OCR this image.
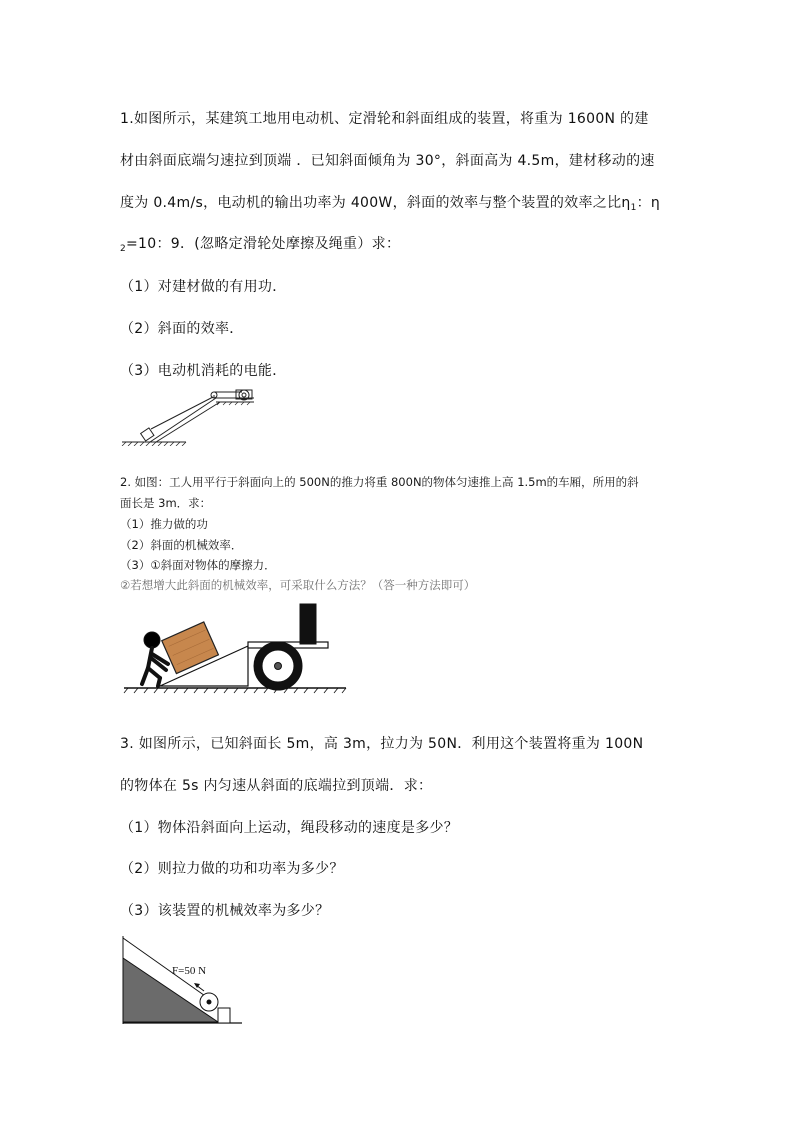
1.如图所示，某建筑工地用电动机、定滑轮和斜面组成的装置，将重为 1600N 的建
材由斜面底端匀速拉到顶端 ．已知斜面倾角为 30°，斜面高为 4.5m，建材移动的速
度为 0.4m/s，电动机的输出功率为 400W，斜面的效率与整个装置的效率之比$\eta_1$：η
$_2$=10：9．(忽略定滑轮处摩擦及绳重）求：
（1）对建材做的有用功．
（2）斜面的效率．
（3）电动机消耗的电能．
2. 如图：工人用平行于斜面向上的 500N的推力将重 800N的物体匀速推上高 1.5m的车厢，所用的斜
面长是 3m．求：
（1）推力做的功
（2）斜面的机械效率．
（3）①斜面对物体的摩擦力．
②若想增大此斜面的机械效率，可采取什么方法？（答一种方法即可）
3. 如图所示，已知斜面长 5m，高 3m，拉力为 50N．利用这个装置将重为 100N
的物体在 5s 内匀速从斜面的底端拉到顶端．求：
（1）物体沿斜面向上运动，绳段移动的速度是多少？
（2）则拉力做的功和功率为多少？
（3）该装置的机械效率为多少？
F=50 N
